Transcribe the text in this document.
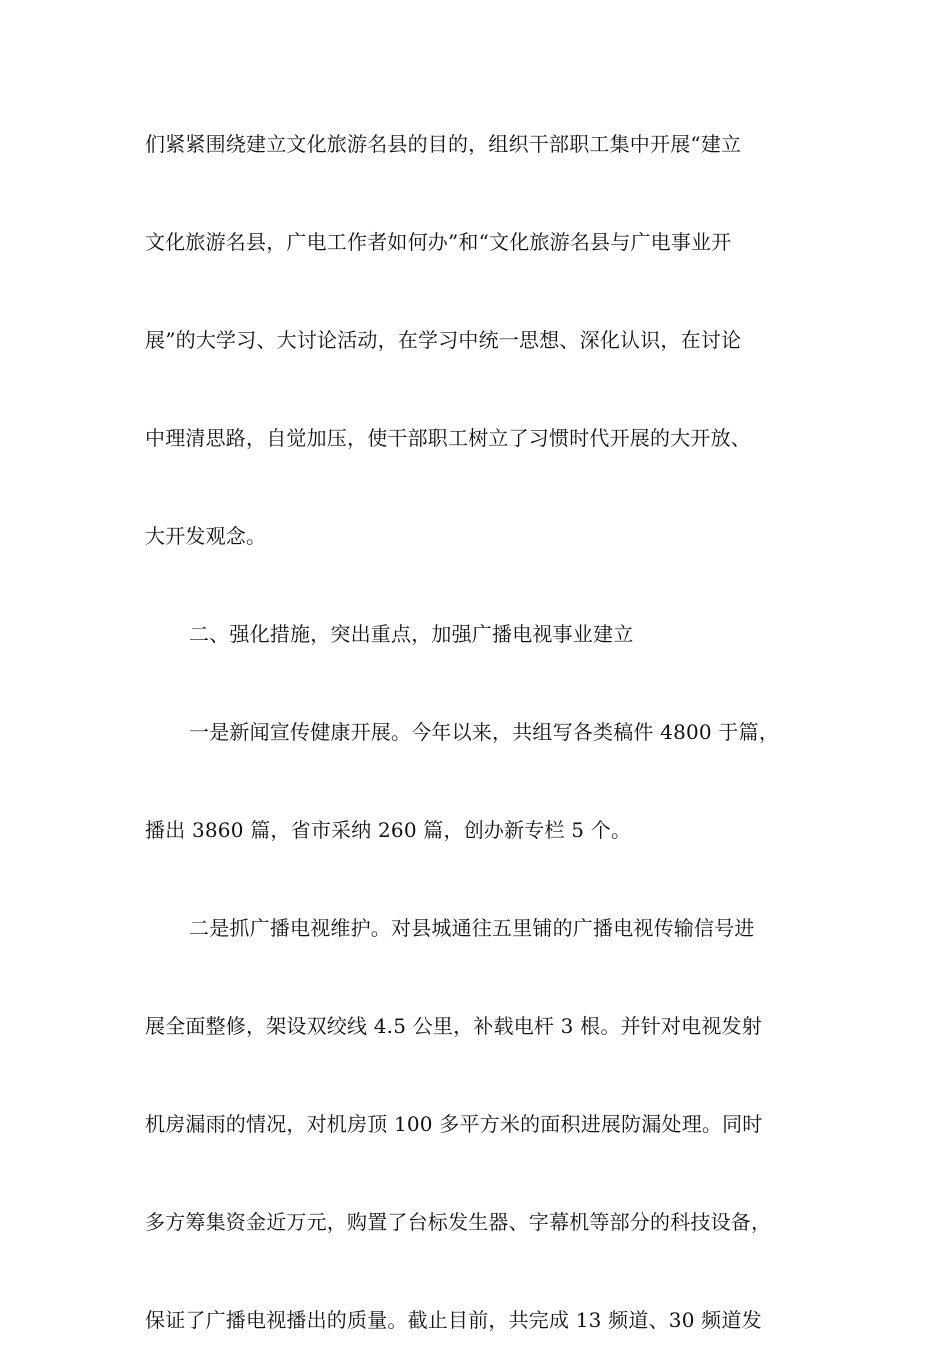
们紧紧围绕建立文化旅游名县的目的，组织干部职工集中开展“建立
文化旅游名县，广电工作者如何办”和“文化旅游名县与广电事业开
展”的大学习、大讨论活动，在学习中统一思想、深化认识，在讨论
中理清思路，自觉加压，使干部职工树立了习惯时代开展的大开放、
大开发观念。
二、强化措施，突出重点，加强广播电视事业建立
一是新闻宣传健康开展。今年以来，共组写各类稿件 4800 于篇，
播出 3860 篇，省市采纳 260 篇，创办新专栏 5 个。
二是抓广播电视维护。对县城通往五里铺的广播电视传输信号进
展全面整修，架设双绞线 4.5 公里，补载电杆 3 根。并针对电视发射
机房漏雨的情况，对机房顶 100 多平方米的面积进展防漏处理。同时
多方筹集资金近万元，购置了台标发生器、字幕机等部分的科技设备，
保证了广播电视播出的质量。截止目前，共完成 13 频道、30 频道发
